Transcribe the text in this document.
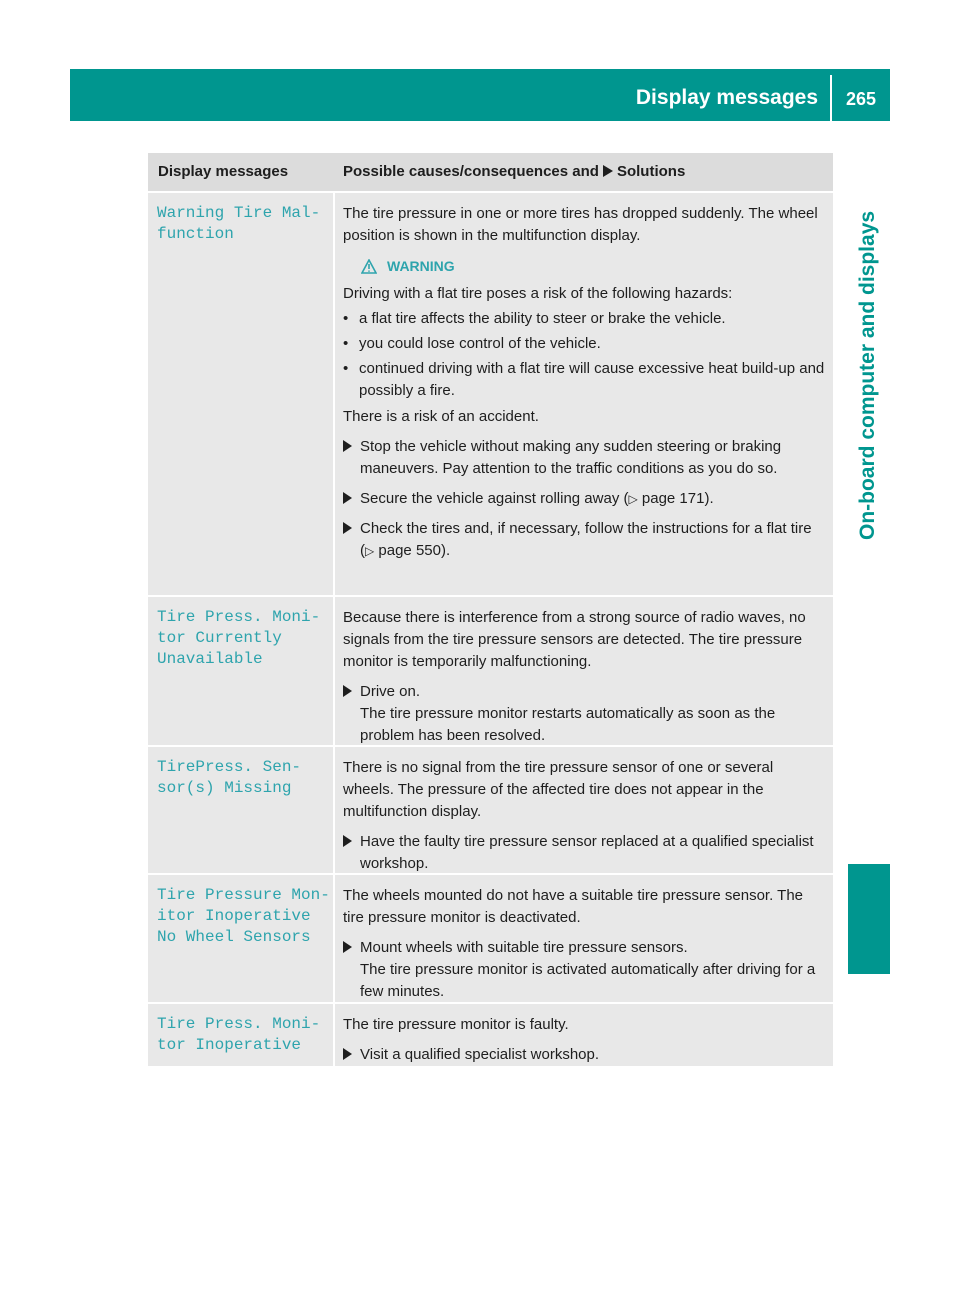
Display messages	265
On-board computer and displays
Display messages	Possible causes/consequences and Solutions
Warning Tire Mal‐
function

The tire pressure in one or more tires has dropped suddenly. The wheel position is shown in the multifunction display.

WARNING

Driving with a flat tire poses a risk of the following hazards:

• a flat tire affects the ability to steer or brake the vehicle.
• you could lose control of the vehicle.
• continued driving with a flat tire will cause excessive heat build-up and possibly a fire.

There is a risk of an accident.

Stop the vehicle without making any sudden steering or braking maneuvers. Pay attention to the traffic conditions as you do so.
Secure the vehicle against rolling away (▷ page 171).
Check the tires and, if necessary, follow the instructions for a flat tire (▷ page 550).
Tire Press. Moni‐
tor Currently
Unavailable

Because there is interference from a strong source of radio waves, no signals from the tire pressure sensors are detected. The tire pressure monitor is temporarily malfunctioning.

Drive on.
The tire pressure monitor restarts automatically as soon as the problem has been resolved.
TirePress. Sen‐
sor(s) Missing

There is no signal from the tire pressure sensor of one or several wheels. The pressure of the affected tire does not appear in the multifunction display.

Have the faulty tire pressure sensor replaced at a qualified specialist workshop.
Tire Pressure Mon‐
itor Inoperative
No Wheel Sensors

The wheels mounted do not have a suitable tire pressure sensor. The tire pressure monitor is deactivated.

Mount wheels with suitable tire pressure sensors.
The tire pressure monitor is activated automatically after driving for a few minutes.
Tire Press. Moni‐
tor Inoperative

The tire pressure monitor is faulty.

Visit a qualified specialist workshop.
